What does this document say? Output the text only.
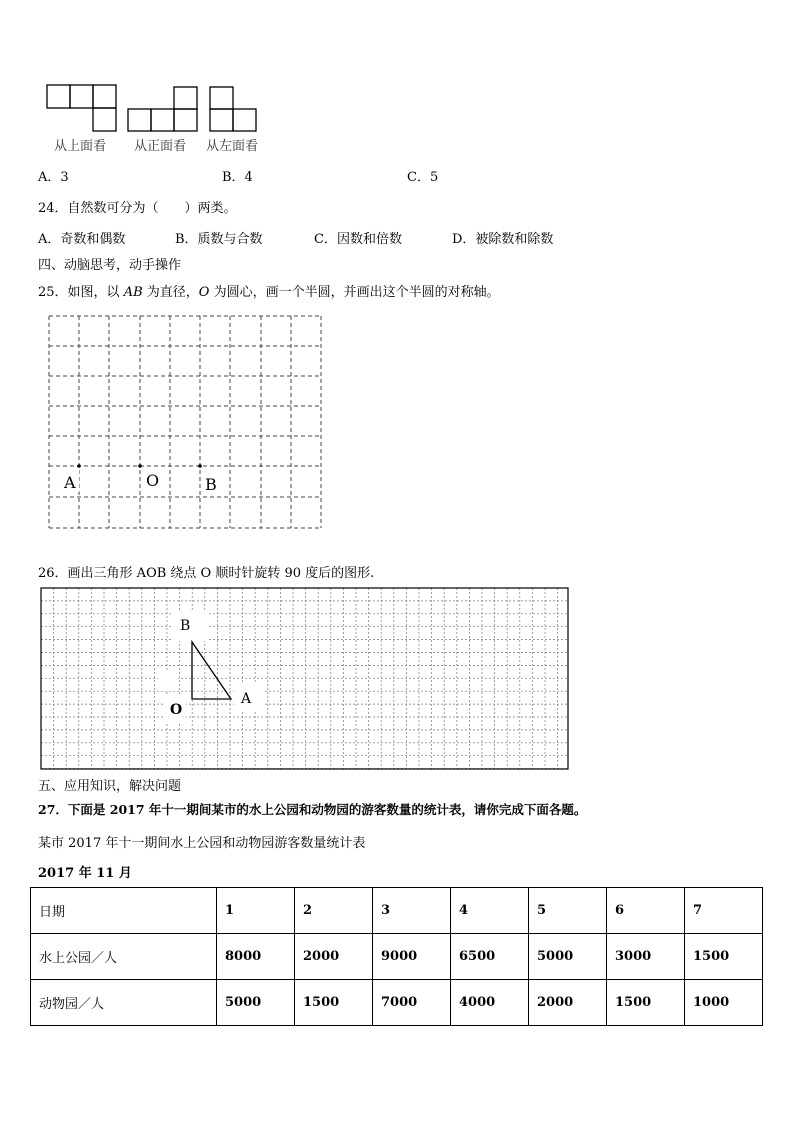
从上面看 从正面看 从左面看
A．3	B．4	C．5
24．自然数可分为（　　）两类。
A．奇数和偶数	B．质数与合数	C．因数和倍数	D．被除数和除数
四、动脑思考，动手操作
25．如图，以 AB 为直径，O 为圆心，画一个半圆，并画出这个半圆的对称轴。
A	O	B
26．画出三角形 AOB 绕点 O 顺时针旋转 90 度后的图形.
B
A
O
五、应用知识，解决问题
27．下面是 2017 年十一期间某市的水上公园和动物园的游客数量的统计表，请你完成下面各题。
某市 2017 年十一期间水上公园和动物园游客数量统计表
2017 年 11 月
日期	1	2	3	4	5	6	7
水上公园／人	8000	2000	9000	6500	5000	3000	1500
动物园／人	5000	1500	7000	4000	2000	1500	1000
